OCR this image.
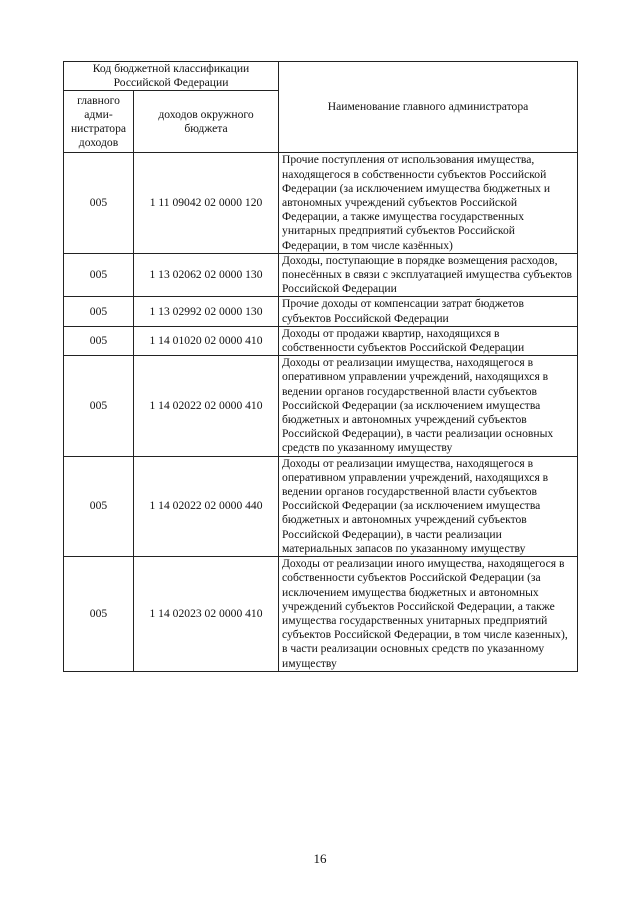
Код бюджетной классификации Российской Федерации		Наименование главного администратора
главного адми-нистратора доходов	доходов окружного бюджета	
005	1 11 09042 02 0000 120	Прочие поступления от использования имущества, находящегося в собственности субъектов Российской Федерации (за исключением имущества бюджетных и автономных учреждений субъектов Российской Федерации, а также имущества государственных унитарных предприятий субъектов Российской Федерации, в том числе казённых)
005	1 13 02062 02 0000 130	Доходы, поступающие в порядке возмещения расходов, понесённых в связи с эксплуатацией имущества субъектов Российской Федерации
005	1 13 02992 02 0000 130	Прочие доходы от компенсации затрат бюджетов субъектов Российской Федерации
005	1 14 01020 02 0000 410	Доходы от продажи квартир, находящихся в собственности субъектов Российской Федерации
005	1 14 02022 02 0000 410	Доходы от реализации имущества, находящегося в оперативном управлении учреждений, находящихся в ведении органов государственной власти субъектов Российской Федерации (за исключением имущества бюджетных и автономных учреждений субъектов Российской Федерации), в части реализации основных средств по указанному имуществу
005	1 14 02022 02 0000 440	Доходы от реализации имущества, находящегося в оперативном управлении учреждений, находящихся в ведении органов государственной власти субъектов Российской Федерации (за исключением имущества бюджетных и автономных учреждений субъектов Российской Федерации), в части реализации материальных запасов по указанному имуществу
005	1 14 02023 02 0000 410	Доходы от реализации иного имущества, находящегося в собственности субъектов Российской Федерации (за исключением имущества бюджетных и автономных учреждений субъектов Российской Федерации, а также имущества государственных унитарных предприятий субъектов Российской Федерации, в том числе казенных), в части реализации основных средств по указанному имуществу
16
